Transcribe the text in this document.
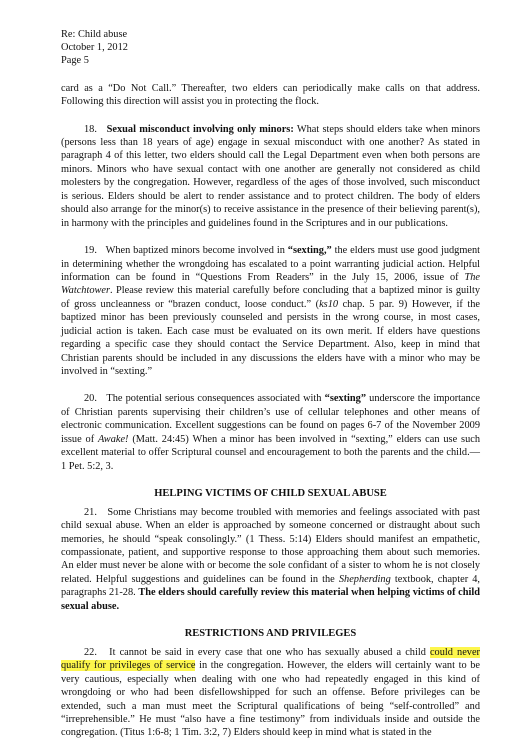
Re: Child abuse
October 1, 2012
Page 5

card as a “Do Not Call.” Thereafter, two elders can periodically make calls on that address. Following this direction will assist you in protecting the flock.

18. Sexual misconduct involving only minors: What steps should elders take when minors (persons less than 18 years of age) engage in sexual misconduct with one another? As stated in paragraph 4 of this letter, two elders should call the Legal Department even when both persons are minors. Minors who have sexual contact with one another are generally not considered as child molesters by the congregation. However, regardless of the ages of those involved, such misconduct is serious. Elders should be alert to render assistance and to protect children. The body of elders should also arrange for the minor(s) to receive assistance in the presence of their believing parent(s), in harmony with the principles and guidelines found in the Scriptures and in our publications.

19. When baptized minors become involved in “sexting,” the elders must use good judgment in determining whether the wrongdoing has escalated to a point warranting judicial action. Helpful information can be found in “Questions From Readers” in the July 15, 2006, issue of The Watchtower. Please review this material carefully before concluding that a baptized minor is guilty of gross uncleanness or “brazen conduct, loose conduct.” (ks10 chap. 5 par. 9) However, if the baptized minor has been previously counseled and persists in the wrong course, in most cases, judicial action is taken. Each case must be evaluated on its own merit. If elders have questions regarding a specific case they should contact the Service Department. Also, keep in mind that Christian parents should be included in any discussions the elders have with a minor who may be involved in “sexting.”

20. The potential serious consequences associated with “sexting” underscore the importance of Christian parents supervising their children’s use of cellular telephones and other means of electronic communication. Excellent suggestions can be found on pages 6-7 of the November 2009 issue of Awake! (Matt. 24:45) When a minor has been involved in “sexting,” elders can use such excellent material to offer Scriptural counsel and encouragement to both the parents and the child.—1 Pet. 5:2, 3.

HELPING VICTIMS OF CHILD SEXUAL ABUSE

21. Some Christians may become troubled with memories and feelings associated with past child sexual abuse. When an elder is approached by someone concerned or distraught about such memories, he should “speak consolingly.” (1 Thess. 5:14) Elders should manifest an empathetic, compassionate, patient, and supportive response to those approaching them about such memories. An elder must never be alone with or become the sole confidant of a sister to whom he is not closely related. Helpful suggestions and guidelines can be found in the Shepherding textbook, chapter 4, paragraphs 21-28. The elders should carefully review this material when helping victims of child sexual abuse.

RESTRICTIONS AND PRIVILEGES

22. It cannot be said in every case that one who has sexually abused a child could never qualify for privileges of service in the congregation. However, the elders will certainly want to be very cautious, especially when dealing with one who had repeatedly engaged in this kind of wrongdoing or who had been disfellowshipped for such an offense. Before privileges can be extended, such a man must meet the Scriptural qualifications of being “self-controlled” and “irreprehensible.” He must “also have a fine testimony” from individuals inside and outside the congregation. (Titus 1:6-8; 1 Tim. 3:2, 7) Elders should keep in mind what is stated in the
